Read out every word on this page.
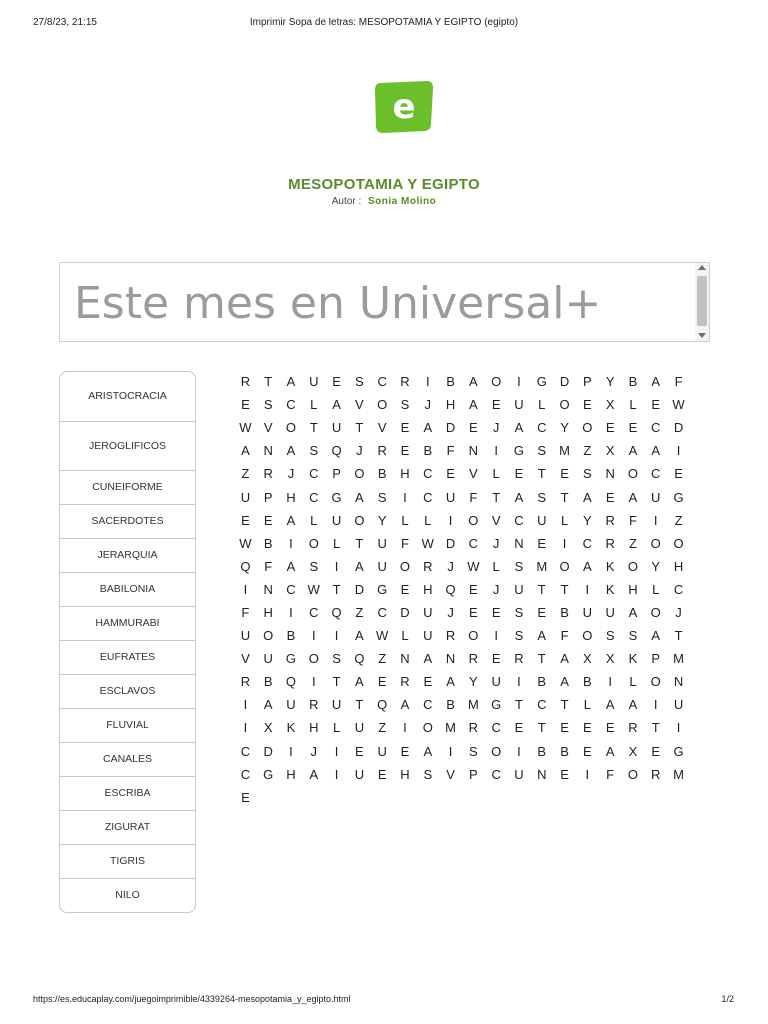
27/8/23, 21:15	Imprimir Sopa de letras: MESOPOTAMIA Y EGIPTO (egipto)
e
MESOPOTAMIA Y EGIPTO
Autor : Sonia Molino
Este mes en Universal+
ARISTOCRACI A
JEROGLIFICO S
CUNEIFORME
SACERDOTES
JERARQUIA
BABILONIA
HAMMURABI
EUFRATES
ESCLAVOS
FLUVIAL
CANALES
ESCRIBA
ZIGURAT
TIGRIS
NILO
R	T	A	U	E	S	C	R	I	B	A	O	I	G	D	P	Y	B	A	F
E	S	C	L	A	V	O	S	J	H	A	E	U	L	O	E	X	L	E W
W V	O	T	U	T	V	E	A	D	E	J	A	C	Y	O	E	E	C	D
A	N	A	S	Q	J	R	E	B	F	N	I	G	S	M	Z	X	A	A	I
Z	R	J	C	P	O	B	H	C	E	V	L	E	T	E	S	N	O	C	E
U	P	H	C	G	A	S	I	C	U	F	T	A	S	T	A	E	A	U	G
E	E	A	L	U	O	Y	L	L	I	O	V	C	U	L	Y	R	F	I	Z
W B	I	O	L	T	U	F W D	C	J	N	E	I	C	R	Z	O O
Q	F	A	S	I	A	U	O	R	J	W	L	S	M O	A	K	O	Y	H
I	N	C W T	D	G	E	H	Q	E	J	U	T	T	I	K	H	L	C
F	H	I	C	Q	Z	C	D	U	J	E	E	S	E	B	U	U	A	O	J
U	O	B	I	I	A W	L	U	R	O	I	S	A	F	O	S	S	A	T
V	U	G O	S	Q	Z	N	A	N	R	E	R	T	A	X	X	K	P	M
R	B	Q	I	T	A	E	R	E	A	Y	U	I	B	A	B	I	L	O	N
I	A	U	R	U	T	Q	A	C	B	M G	T	C	T	L	A	A	I	U
I	X	K	H	L	U	Z	I	O M R	C	E	T	E	E	E	R	T	I
C	D	I	J	I	E	U	E	A	I	S	O	I	B	B	E	A	X	E	G
C	G	H	A	I	U	E	H	S	V	P	C	U	N	E	I	F	O	R M
E
https://es.educaplay.com/juegoimprimible/4339264-mesopotamia_y_egipto.html	1/2
